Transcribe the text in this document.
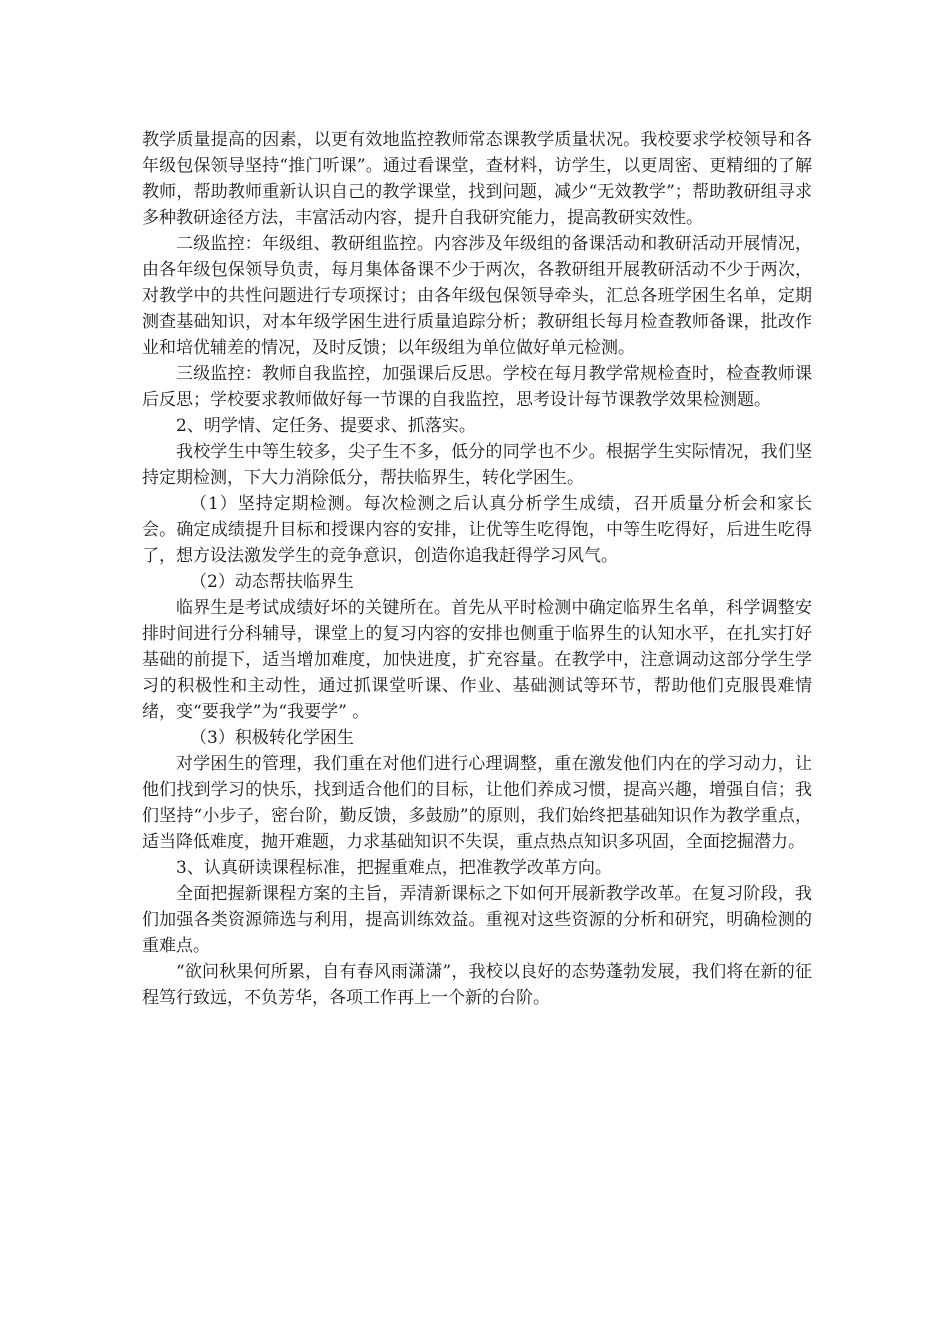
教学质量提高的因素，以更有效地监控教师常态课教学质量状况。我校要求学校领导和各年级包保领导坚持“推门听课”。通过看课堂，查材料，访学生，以更周密、更精细的了解教师，帮助教师重新认识自己的教学课堂，找到问题，减少“无效教学”；帮助教研组寻求多种教研途径方法，丰富活动内容，提升自我研究能力，提高教研实效性。

二级监控：年级组、教研组监控。内容涉及年级组的备课活动和教研活动开展情况，由各年级包保领导负责，每月集体备课不少于两次，各教研组开展教研活动不少于两次，对教学中的共性问题进行专项探讨；由各年级包保领导牵头，汇总各班学困生名单，定期测查基础知识，对本年级学困生进行质量追踪分析；教研组长每月检查教师备课，批改作业和培优辅差的情况，及时反馈；以年级组为单位做好单元检测。

三级监控：教师自我监控，加强课后反思。学校在每月教学常规检查时，检查教师课后反思；学校要求教师做好每一节课的自我监控，思考设计每节课教学效果检测题。

2、明学情、定任务、提要求、抓落实。

我校学生中等生较多，尖子生不多，低分的同学也不少。根据学生实际情况，我们坚持定期检测，下大力消除低分，帮扶临界生，转化学困生。

（1）坚持定期检测。每次检测之后认真分析学生成绩，召开质量分析会和家长会。确定成绩提升目标和授课内容的安排，让优等生吃得饱，中等生吃得好，后进生吃得了，想方设法激发学生的竞争意识，创造你追我赶得学习风气。

（2）动态帮扶临界生

临界生是考试成绩好坏的关键所在。首先从平时检测中确定临界生名单，科学调整安排时间进行分科辅导，课堂上的复习内容的安排也侧重于临界生的认知水平，在扎实打好基础的前提下，适当增加难度，加快进度，扩充容量。在教学中，注意调动这部分学生学习的积极性和主动性，通过抓课堂听课、作业、基础测试等环节，帮助他们克服畏难情绪，变“要我学”为“我要学” 。

（3）积极转化学困生

对学困生的管理，我们重在对他们进行心理调整，重在激发他们内在的学习动力，让他们找到学习的快乐，找到适合他们的目标，让他们养成习惯，提高兴趣，增强自信；我们坚持“小步子，密台阶，勤反馈，多鼓励”的原则，我们始终把基础知识作为教学重点，适当降低难度，抛开难题，力求基础知识不失误，重点热点知识多巩固，全面挖掘潜力。

3、认真研读课程标准，把握重难点，把准教学改革方向。

全面把握新课程方案的主旨，弄清新课标之下如何开展新教学改革。在复习阶段，我们加强各类资源筛选与利用，提高训练效益。重视对这些资源的分析和研究，明确检测的重难点。

“欲问秋果何所累，自有春风雨潇潇”，我校以良好的态势蓬勃发展，我们将在新的征程笃行致远，不负芳华，各项工作再上一个新的台阶。
